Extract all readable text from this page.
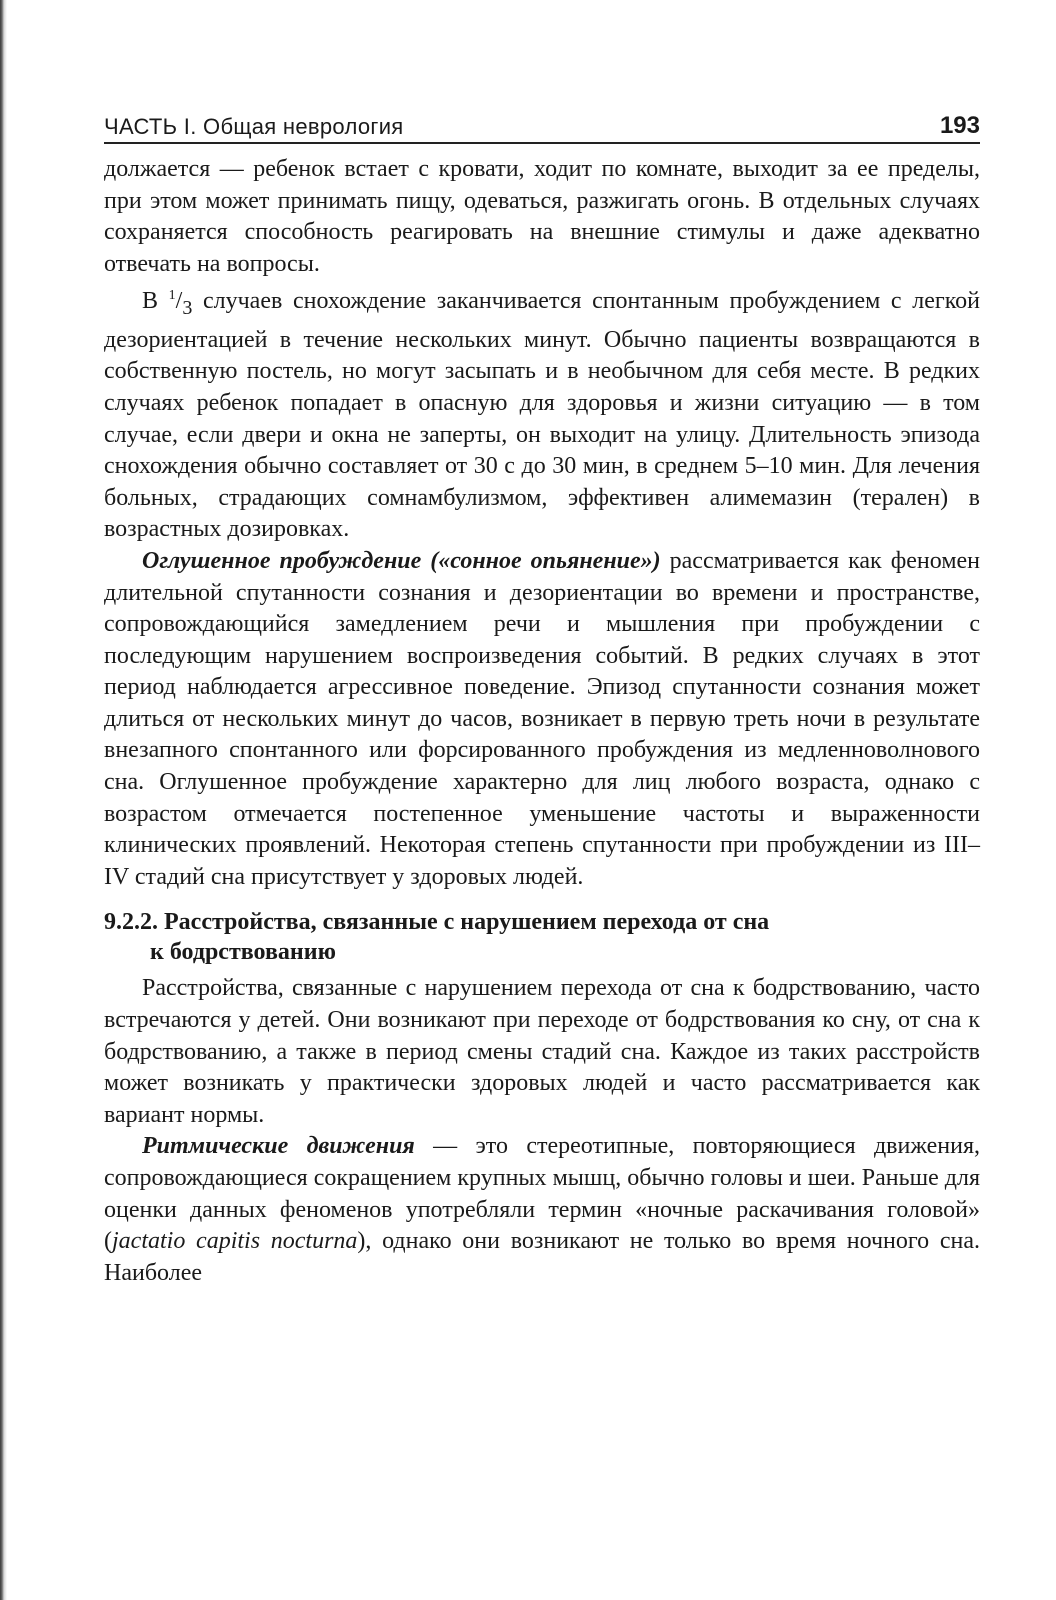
ЧАСТЬ I. Общая неврология	193

должается — ребенок встает с кровати, ходит по комнате, выходит за ее пределы, при этом может принимать пищу, одеваться, разжигать огонь. В отдельных случаях сохраняется способность реагировать на внешние стимулы и даже адекватно отвечать на вопросы.

В $^1/_3$ случаев снохождение заканчивается спонтанным пробуждением с легкой дезориентацией в течение нескольких минут. Обычно пациенты возвращаются в собственную постель, но могут засыпать и в необычном для себя месте. В редких случаях ребенок попадает в опасную для здоровья и жизни ситуацию — в том случае, если двери и окна не заперты, он выходит на улицу. Длительность эпизода снохождения обычно составляет от 30 с до 30 мин, в среднем 5–10 мин. Для лечения больных, страдающих сомнамбулизмом, эффективен алимемазин (терален) в возрастных дозировках.

Оглушенное пробуждение («сонное опьянение») рассматривается как феномен длительной спутанности сознания и дезориентации во времени и пространстве, сопровождающийся замедлением речи и мышления при пробуждении с последующим нарушением воспроизведения событий. В редких случаях в этот период наблюдается агрессивное поведение. Эпизод спутанности сознания может длиться от нескольких минут до часов, возникает в первую треть ночи в результате внезапного спонтанного или форсированного пробуждения из медленноволнового сна. Оглушенное пробуждение характерно для лиц любого возраста, однако с возрастом отмечается постепенное уменьшение частоты и выраженности клинических проявлений. Некоторая степень спутанности при пробуждении из III–IV стадий сна присутствует у здоровых людей.

9.2.2. Расстройства, связанные с нарушением перехода от сна
к бодрствованию

Расстройства, связанные с нарушением перехода от сна к бодрствованию, часто встречаются у детей. Они возникают при переходе от бодрствования ко сну, от сна к бодрствованию, а также в период смены стадий сна. Каждое из таких расстройств может возникать у практически здоровых людей и часто рассматривается как вариант нормы.

Ритмические движения — это стереотипные, повторяющиеся движения, сопровождающиеся сокращением крупных мышц, обычно головы и шеи. Раньше для оценки данных феноменов употребляли термин «ночные раскачивания головой» (jactatio capitis nocturna), однако они возникают не только во время ночного сна. Наиболее
